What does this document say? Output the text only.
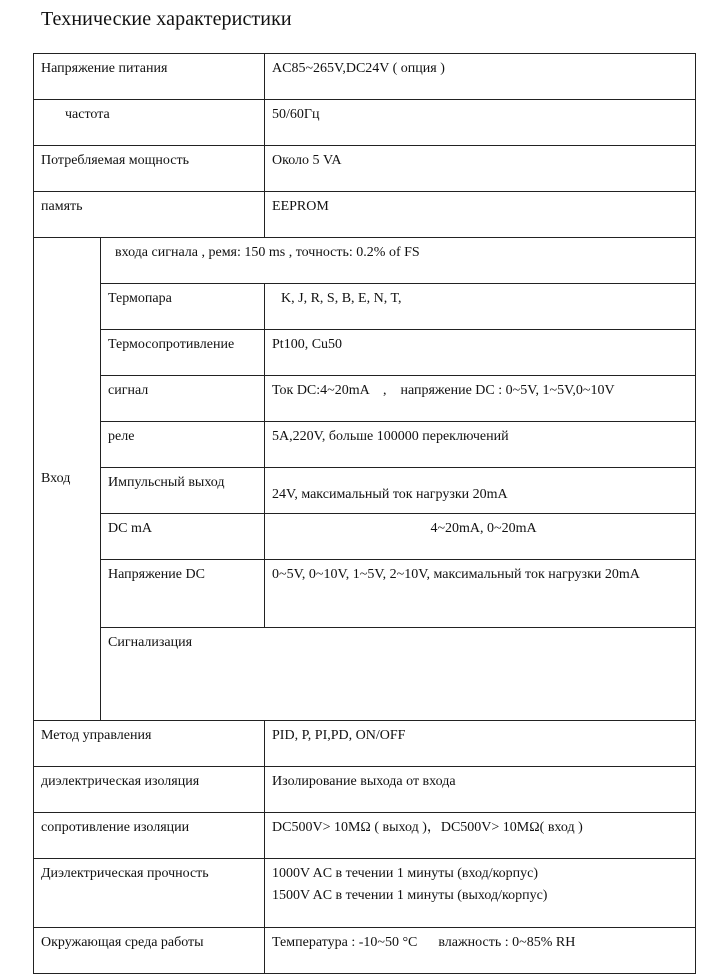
Технические характеристики
Напряжение питания		AC85~265V,DC24V ( опция )	
частота		50/60Гц	
Потребляемая мощность		Около 5 VA	
память		EEPROM	
Вход	входа сигнала , ремя: 150 ms , точность: 0.2% of FS		
	Термопара	K, J, R, S, B, E, N, T,	
	Термосопротивление	Pt100, Cu50	
	сигнал	Ток DC:4~20mA    ,    напряжение DC : 0~5V, 1~5V,0~10V	
	реле	5A,220V, больше 100000 переключений	
	Импульсный выход	24V, максимальный ток нагрузки 20mA	
	DC mA	4~20mA, 0~20mA	
	Напряжение DC	0~5V, 0~10V, 1~5V, 2~10V, максимальный ток нагрузки 20mA	
	Сигнализация	
Метод управления		PID, P, PI,PD, ON/OFF	
диэлектрическая изоляция		Изолирование выхода от входа	
сопротивление изоляции		DC500V> 10MΩ ( выход )，DC500V> 10MΩ( вход )	
Диэлектрическая прочность		1000V AC в течении 1 минуты (вход/корпус)
1500V AC в течении 1 минуты (выход/корпус)	

Окружающая среда работы		Температура : -10~50 °C      влажность : 0~85% RH	
